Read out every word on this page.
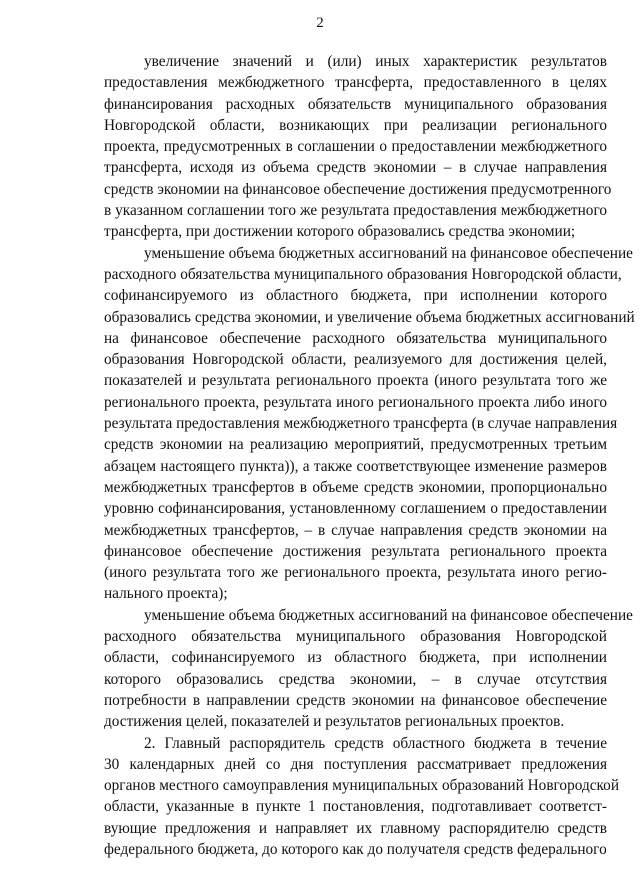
2

увеличение значений и (или) иных характеристик результатов
предоставления межбюджетного трансферта, предоставленного в целях
финансирования расходных обязательств муниципального образования
Новгородской области, возникающих при реализации регионального
проекта, предусмотренных в соглашении о предоставлении межбюджетного
трансферта, исходя из объема средств экономии – в случае направления
средств экономии на финансовое обеспечение достижения предусмотренного
в указанном соглашении того же результата предоставления межбюджетного
трансферта, при достижении которого образовались средства экономии;

уменьшение объема бюджетных ассигнований на финансовое обеспечение
расходного обязательства муниципального образования Новгородской области,
софинансируемого из областного бюджета, при исполнении которого
образовались средства экономии, и увеличение объема бюджетных ассигнований
на финансовое обеспечение расходного обязательства муниципального
образования Новгородской области, реализуемого для достижения целей,
показателей и результата регионального проекта (иного результата того же
регионального проекта, результата иного регионального проекта либо иного
результата предоставления межбюджетного трансферта (в случае направления
средств экономии на реализацию мероприятий, предусмотренных третьим
абзацем настоящего пункта)), а также соответствующее изменение размеров
межбюджетных трансфертов в объеме средств экономии, пропорционально
уровню софинансирования, установленному соглашением о предоставлении
межбюджетных трансфертов, – в случае направления средств экономии на
финансовое обеспечение достижения результата регионального проекта
(иного результата того же регионального проекта, результата иного регио-
нального проекта);

уменьшение объема бюджетных ассигнований на финансовое обеспечение
расходного обязательства муниципального образования Новгородской
области, софинансируемого из областного бюджета, при исполнении
которого образовались средства экономии, – в случае отсутствия
потребности в направлении средств экономии на финансовое обеспечение
достижения целей, показателей и результатов региональных проектов.

2. Главный распорядитель средств областного бюджета в течение
30 календарных дней со дня поступления рассматривает предложения
органов местного самоуправления муниципальных образований Новгородской
области, указанные в пункте 1 постановления, подготавливает соответст-
вующие предложения и направляет их главному распорядителю средств
федерального бюджета, до которого как до получателя средств федерального
